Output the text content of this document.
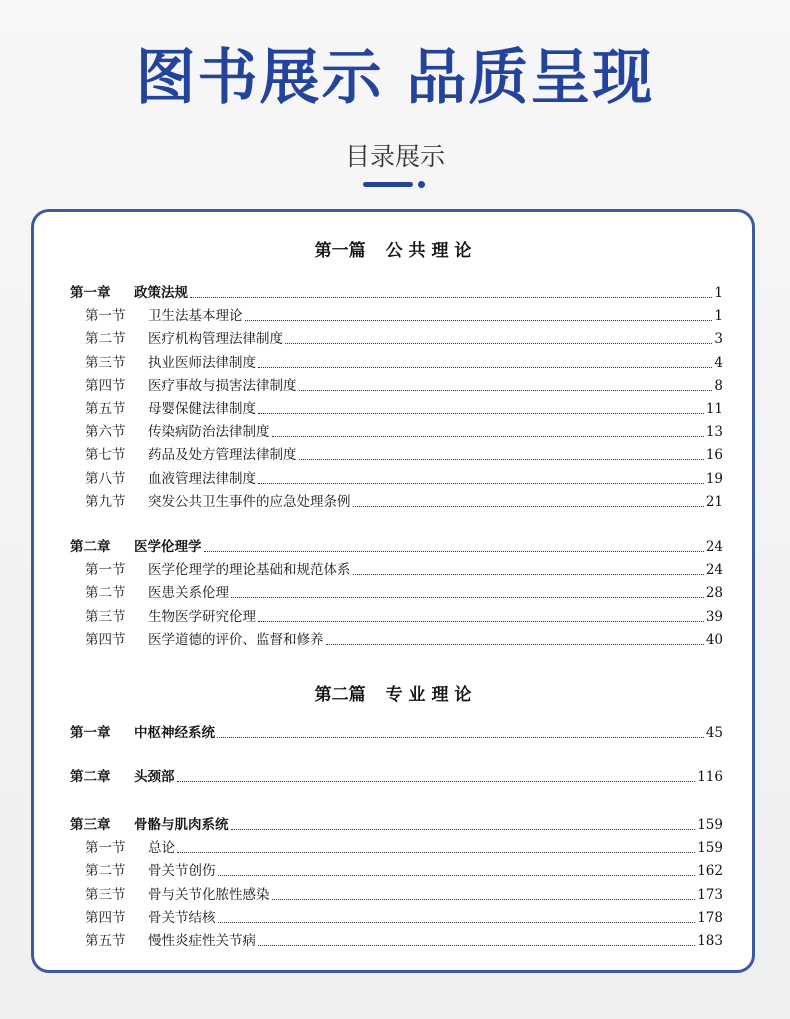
图书展示 品质呈现
目录展示
第一篇 公 共 理 论
第一章	政策法规	1
第一节	卫生法基本理论	1
第二节	医疗机构管理法律制度	3
第三节	执业医师法律制度	4
第四节	医疗事故与损害法律制度	8
第五节	母婴保健法律制度	11
第六节	传染病防治法律制度	13
第七节	药品及处方管理法律制度	16
第八节	血液管理法律制度	19
第九节	突发公共卫生事件的应急处理条例	21
第二章	医学伦理学	24
第一节	医学伦理学的理论基础和规范体系	24
第二节	医患关系伦理	28
第三节	生物医学研究伦理	39
第四节	医学道德的评价、监督和修养	40
第二篇 专 业 理 论
第一章	中枢神经系统	45
第二章	头颈部	116
第三章	骨骼与肌肉系统	159
第一节	总论	159
第二节	骨关节创伤	162
第三节	骨与关节化脓性感染	173
第四节	骨关节结核	178
第五节	慢性炎症性关节病	183
